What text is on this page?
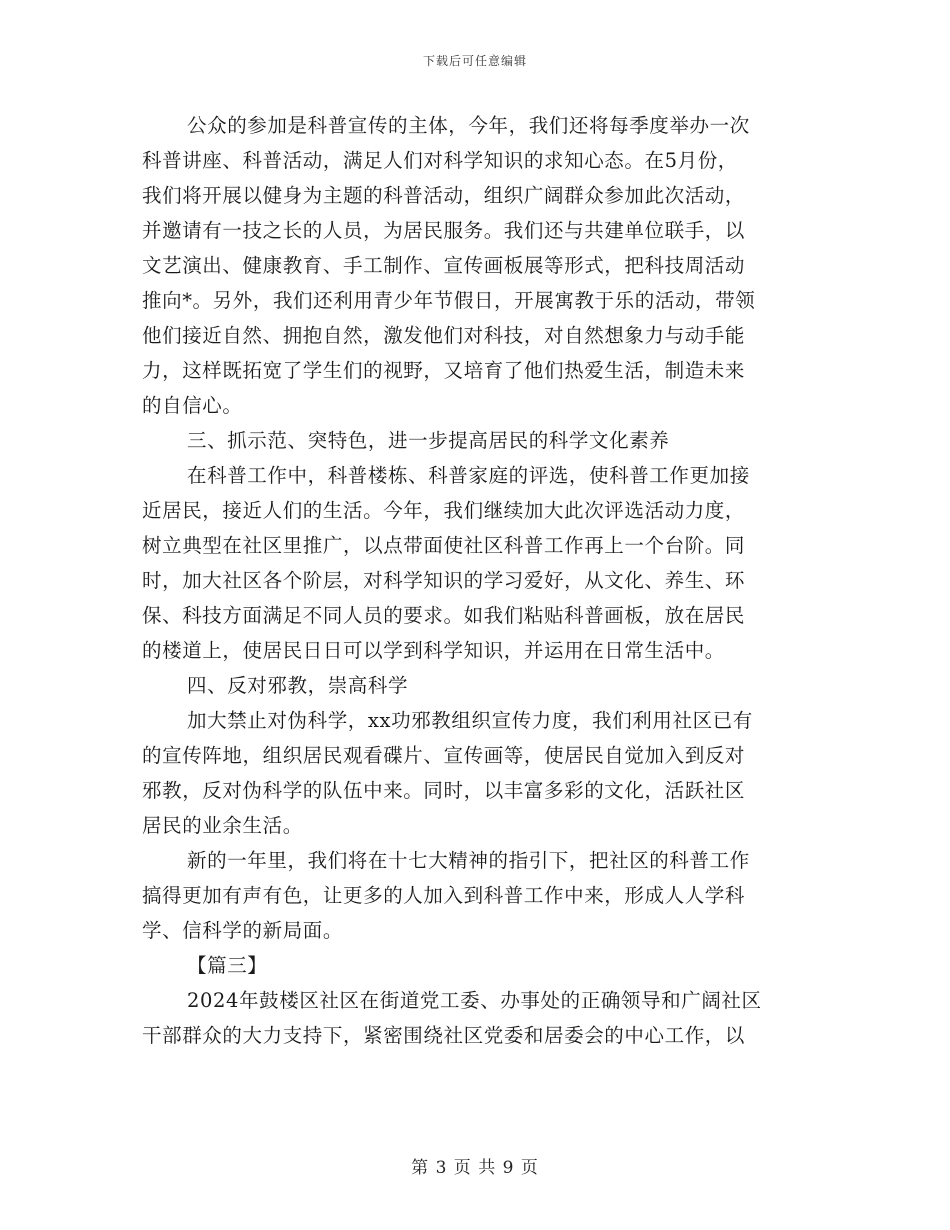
下载后可任意编辑
公众的参加是科普宣传的主体，今年，我们还将每季度举办一次
科普讲座、科普活动，满足人们对科学知识的求知心态。在5月份，
我们将开展以健身为主题的科普活动，组织广阔群众参加此次活动，
并邀请有一技之长的人员，为居民服务。我们还与共建单位联手，以
文艺演出、健康教育、手工制作、宣传画板展等形式，把科技周活动
推向*。另外，我们还利用青少年节假日，开展寓教于乐的活动，带领
他们接近自然、拥抱自然，激发他们对科技，对自然想象力与动手能
力，这样既拓宽了学生们的视野，又培育了他们热爱生活，制造未来
的自信心。
三、抓示范、突特色，进一步提高居民的科学文化素养
在科普工作中，科普楼栋、科普家庭的评选，使科普工作更加接
近居民，接近人们的生活。今年，我们继续加大此次评选活动力度，
树立典型在社区里推广，以点带面使社区科普工作再上一个台阶。同
时，加大社区各个阶层，对科学知识的学习爱好，从文化、养生、环
保、科技方面满足不同人员的要求。如我们粘贴科普画板，放在居民
的楼道上，使居民日日可以学到科学知识，并运用在日常生活中。
四、反对邪教，崇高科学
加大禁止对伪科学，xx功邪教组织宣传力度，我们利用社区已有
的宣传阵地，组织居民观看碟片、宣传画等，使居民自觉加入到反对
邪教，反对伪科学的队伍中来。同时，以丰富多彩的文化，活跃社区
居民的业余生活。
新的一年里，我们将在十七大精神的指引下，把社区的科普工作
搞得更加有声有色，让更多的人加入到科普工作中来，形成人人学科
学、信科学的新局面。
【篇三】
2024年鼓楼区社区在街道党工委、办事处的正确领导和广阔社区
干部群众的大力支持下，紧密围绕社区党委和居委会的中心工作，以
第 3 页 共 9 页
